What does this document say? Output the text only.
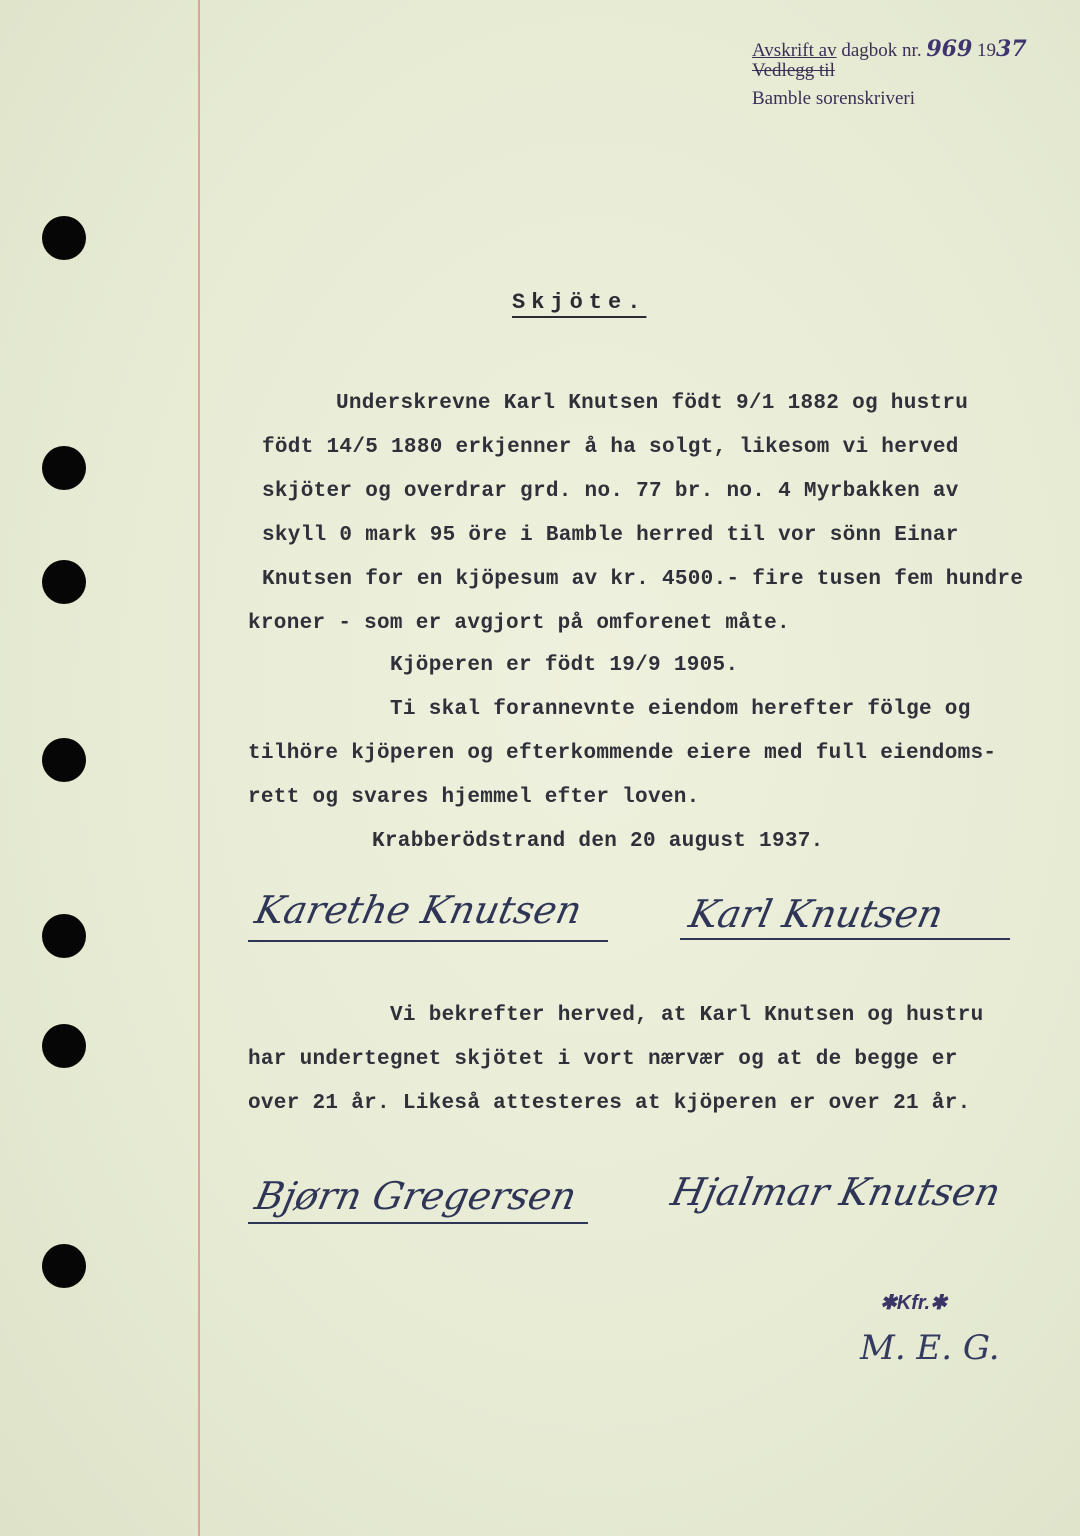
Avskrift av dagbok nr. 969 1937
Vedlegg til
Bamble sorenskriveri
Skjöte.
Underskrevne Karl Knutsen födt 9/1 1882 og hustru
födt 14/5 1880 erkjenner å ha solgt, likesom vi herved
skjöter og overdrar grd. no. 77 br. no. 4 Myrbakken av
skyll 0 mark 95 öre i Bamble herred til vor sönn Einar
Knutsen for en kjöpesum av kr. 4500.- fire tusen fem hundre
kroner - som er avgjort på omforenet måte.
Kjöperen er födt 19/9 1905.
Ti skal forannevnte eiendom herefter fölge og
tilhöre kjöperen og efterkommende eiere med full eiendoms-
rett og svares hjemmel efter loven.
Krabberödstrand den 20 august 1937.
Karethe Knutsen	Karl Knutsen
Vi bekrefter herved, at Karl Knutsen og hustru
har undertegnet skjötet i vort nærvær og at de begge er
over 21 år. Likeså attesteres at kjöperen er over 21 år.
Bjørn Gregersen Hjalmar Knutsen
✱Kfr.✱
M. E. G.
